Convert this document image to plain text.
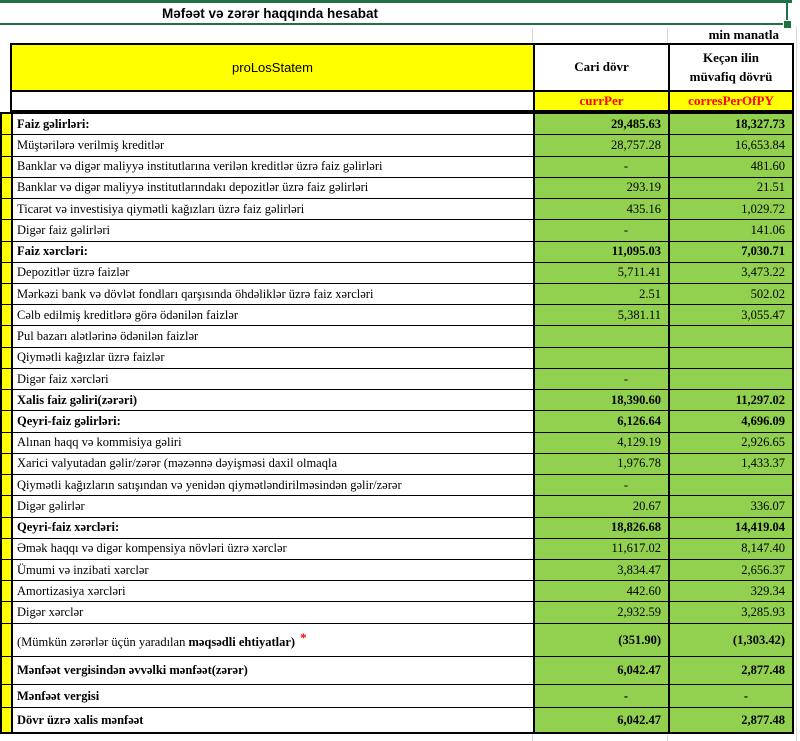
Məfəət və zərər haqqında hesabat
min manatla
proLosStatem	Cari dövr	Keçən ilin
müvafiq dövrü

	currPer	corresPerOfPY
	Faiz gəlirləri:	29,485.63	18,327.73
	Müştərilərə verilmiş kreditlər	28,757.28	16,653.84
	Banklar və digər maliyyə institutlarına verilən kreditlər üzrə faiz gəlirləri	-	481.60
	Banklar və digər maliyyə institutlarındakı depozitlər üzrə faiz gəlirləri	293.19	21.51
	Ticarət və investisiya qiymətli kağızları üzrə faiz gəlirləri	435.16	1,029.72
	Digər faiz gəlirləri	-	141.06
	Faiz xərcləri:	11,095.03	7,030.71
	Depozitlər üzrə faizlər	5,711.41	3,473.22
	Mərkəzi bank və dövlət fondları qarşısında öhdəliklər üzrə faiz xərcləri	2.51	502.02
	Cəlb edilmiş kreditlərə görə ödənilən faizlər	5,381.11	3,055.47
	Pul bazarı alətlərinə ödənilən faizlər		
	Qiymətli kağızlar üzrə faizlər		
	Digər faiz xərcləri	-	
	Xalis faiz gəliri(zərəri)	18,390.60	11,297.02
	Qeyri-faiz gəlirləri:	6,126.64	4,696.09
	Alınan haqq və kommisiya gəliri	4,129.19	2,926.65
	Xarici valyutadan gəlir/zərər (məzənnə dəyişməsi daxil olmaqla	1,976.78	1,433.37
	Qiymətli kağızların satışından və yenidən qiymətləndirilməsindən gəlir/zərər	-	
	Digər gəlirlər	20.67	336.07
	Qeyri-faiz xərcləri:	18,826.68	14,419.04
	Əmək haqqı və digər kompensiya növləri üzrə xərclər	11,617.02	8,147.40
	Ümumi və inzibati xərclər	3,834.47	2,656.37
	Amortizasiya xərcləri	442.60	329.34
	Digər xərclər	2,932.59	3,285.93
	(Mümkün zərərlər üçün yaradılan məqsədli ehtiyatlar) *	(351.90)	(1,303.42)
	Mənfəət vergisindən əvvəlki mənfəət(zərər)	6,042.47	2,877.48
	Mənfəət vergisi	-	-
	Dövr üzrə xalis mənfəət	6,042.47	2,877.48
